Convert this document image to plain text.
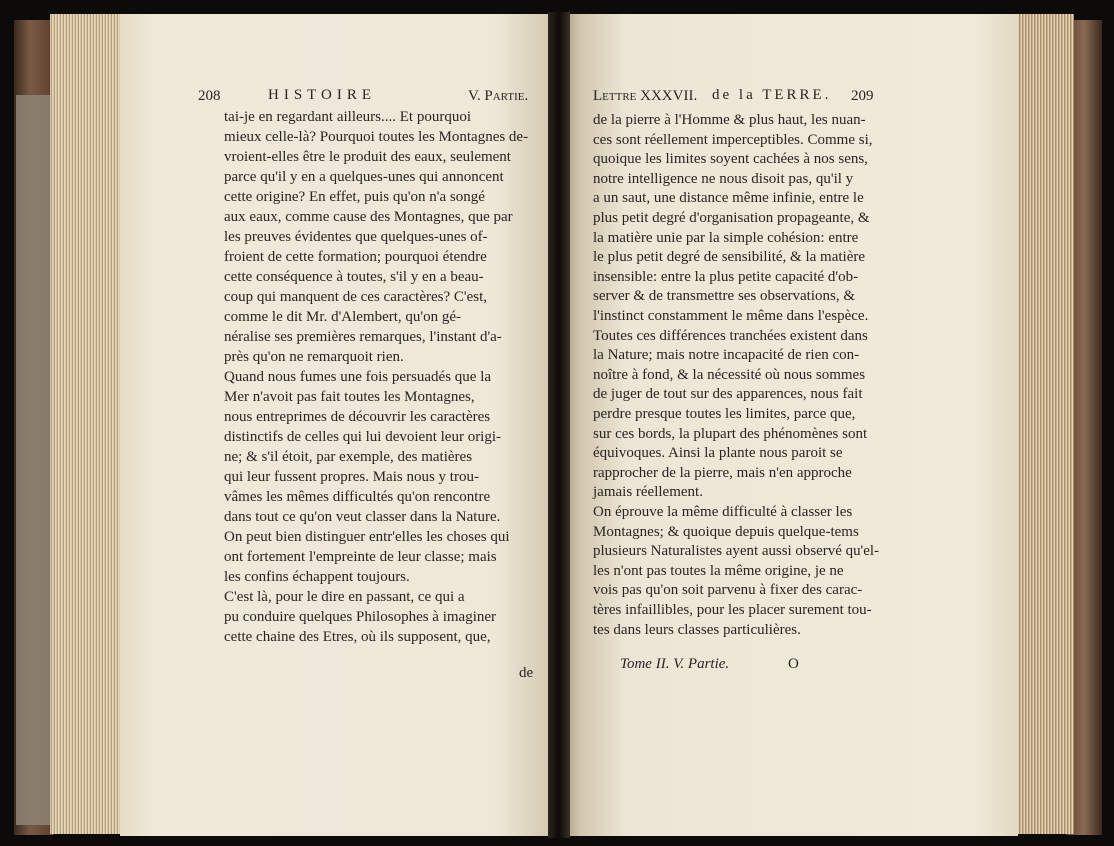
208	HISTOIRE	V. Partie.
tai-je en regardant ailleurs.... Et pourquoi
mieux celle-là? Pourquoi toutes les Montagnes de-
vroient-elles être le produit des eaux, seulement
parce qu'il y en a quelques-unes qui annoncent
cette origine? En effet, puis qu'on n'a songé
aux eaux, comme cause des Montagnes, que par
les preuves évidentes que quelques-unes of-
froient de cette formation; pourquoi étendre
cette conséquence à toutes, s'il y en a beau-
coup qui manquent de ces caractères? C'est,
comme le dit Mr. d'Alembert, qu'on gé-
néralise ses premières remarques, l'instant d'a-
près qu'on ne remarquoit rien.
Quand nous fumes une fois persuadés que la
Mer n'avoit pas fait toutes les Montagnes,
nous entreprimes de découvrir les caractères
distinctifs de celles qui lui devoient leur origi-
ne; & s'il étoit, par exemple, des matières
qui leur fussent propres. Mais nous y trou-
vâmes les mêmes difficultés qu'on rencontre
dans tout ce qu'on veut classer dans la Nature.
On peut bien distinguer entr'elles les choses qui
ont fortement l'empreinte de leur classe; mais
les confins échappent toujours.
C'est là, pour le dire en passant, ce qui a
pu conduire quelques Philosophes à imaginer
cette chaine des Etres, où ils supposent, que,
de
Lettre XXXVII. de la TERRE. 209
de la pierre à l'Homme & plus haut, les nuan-
ces sont réellement imperceptibles. Comme si,
quoique les limites soyent cachées à nos sens,
notre intelligence ne nous disoit pas, qu'il y
a un saut, une distance même infinie, entre le
plus petit degré d'organisation propageante, &
la matière unie par la simple cohésion: entre
le plus petit degré de sensibilité, & la matière
insensible: entre la plus petite capacité d'ob-
server & de transmettre ses observations, &
l'instinct constamment le même dans l'espèce.
Toutes ces différences tranchées existent dans
la Nature; mais notre incapacité de rien con-
noître à fond, & la nécessité où nous sommes
de juger de tout sur des apparences, nous fait
perdre presque toutes les limites, parce que,
sur ces bords, la plupart des phénomènes sont
équivoques. Ainsi la plante nous paroit se
rapprocher de la pierre, mais n'en approche
jamais réellement.
On éprouve la même difficulté à classer les
Montagnes; & quoique depuis quelque-tems
plusieurs Naturalistes ayent aussi observé qu'el-
les n'ont pas toutes la même origine, je ne
vois pas qu'on soit parvenu à fixer des carac-
tères infaillibles, pour les placer surement tou-
tes dans leurs classes particulières.
Tome II. V. Partie.	O
